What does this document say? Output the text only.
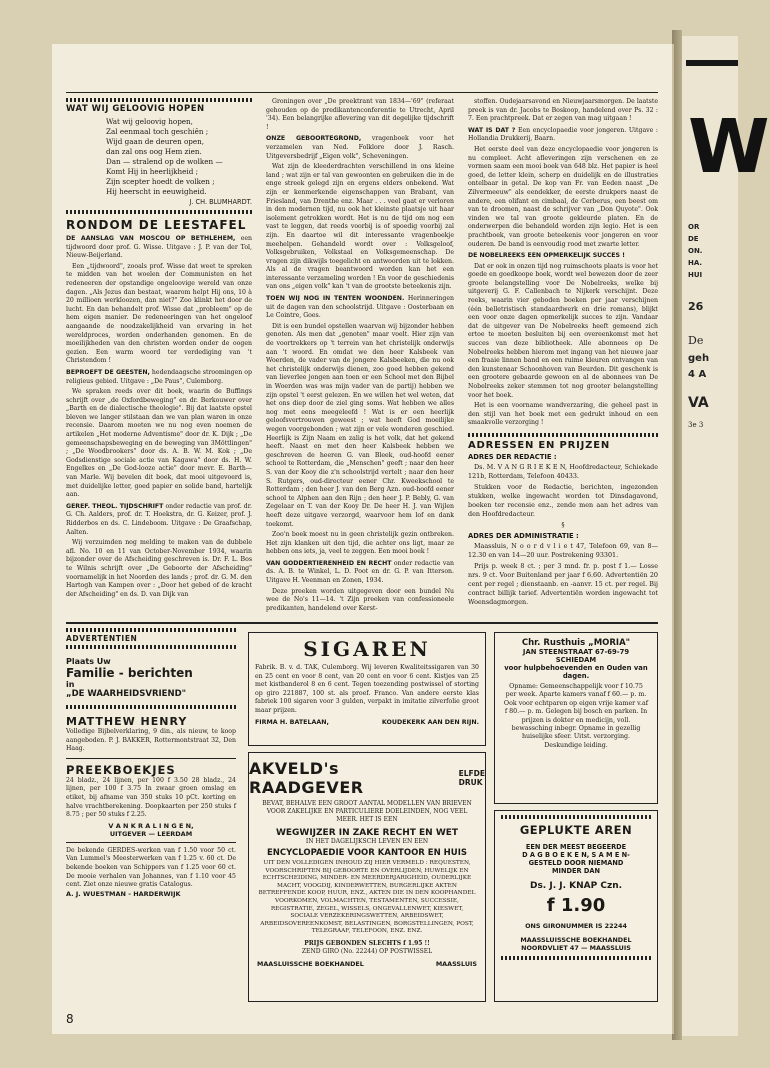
WAT WIJ GELOOVIG HOPEN
Wat wij geloovig hopen,
Zal eenmaal toch geschiên ;
Wijd gaan de deuren open,
dan zal ons oog Hem zien.
Dan — stralend op de wolken —
Komt Hij in heerlijkheid ;
Zijn scepter hoedt de volken ;
Hij heerscht in eeuwigheid.
J. CH. BLUMHARDT.
RONDOM DE LEESTAFEL

DE AANSLAG VAN MOSCOU OP BETHLEHEM, een tijdwoord door prof. G. Wisse. Uitgave : J. P. van der Tol, Nieuw-Beijerland.

Een „tijdwoord", zooals prof. Wisse dat weet te spreken te midden van het woelen der Communisten en het redeneeren der opstandige ongeloovige wereld van onze dagen. „Als Jezus dan bestaat, waarom helpt Hij ons, 10 à 20 millioen werkloozen, dan niet?" Zoo klinkt het door de lucht. En dan behandelt prof. Wisse dat „probleem" op de hem eigen manier. De redeneeringen van het ongeloof aangaande de noodzakelijkheid van ervaring in het wereldproces, worden onderhanden genomen. En de moeilijkheden van den christen worden onder de oogen gezien. Een warm woord ter verdediging van 't Christendom !

BEPROEFT DE GEESTEN, hedendaagsche stroomingen op religieus gebied. Uitgave : „De Paus", Culemborg.

We spraken reeds over dit boek, waarin de Buffings schrijft over „de Oxfordbeweging" en dr. Berkouwer over „Barth en de dialectische theologie". Bij dat laatste opstel bleven we langer stilstaan dan we van plan waren in onze recensie. Daarom moeten we nu nog even noemen de artikelen „Het moderne Adventisme" door dr. K. Dijk ; „De gemeenschapsbeweging en de beweging van 3Möttlingen" ; „De Woodbrookers" door ds. A. B. W. M. Kok ; „De Godsdienstige sociale actie van Kagawa" door ds. H. W. Engelkes en „De God-looze actie" door mevr. E. Barth—van Marle. Wij bevelen dit boek, dat mooi uitgevoerd is, met duidelijke letter, goed papier en solide band, hartelijk aan.

GEREF. THEOL. TIJDSCHRIFT onder redactie van prof. dr. G. Ch. Aalders, prof. dr. T. Hoekstra, dr. G. Keizer, prof. J. Ridderbos en ds. C. Lindeboom. Uitgave : De Graafschap, Aalten.

Wij verzuimden nog melding te maken van de dubbele afl. No. 10 en 11 van October-November 1934, waarin bijzonder over de Afscheiding geschreven is. Dr. F. L. Bos te Wilnis schrijft over „De Geboorte der Afscheiding" voornamelijk in het Noorden des lands ; prof. dr. G. M. den Hartogh van Kampen over : „Door het gebed of de kracht der Afscheiding" en ds. D. van Dijk van

Groningen over „De preektrant van 1834—'69" (referaat gehouden op de predikantenconferentie te Utrecht, April '34). Een belangrijke aflevering van dit degelijke tijdschrift !

ONZE GEBOORTEGROND, vragenboek voor het verzamelen van Ned. Folklore door J. Rasch. Uitgeversbedrijf „Eigen volk", Scheveningen.

Wat zijn de kleederdrachten verschillend in ons kleine land ; wat zijn er tal van gewoonten en gebruiken die in de enge streek gelegd zijn en ergens elders onbekend. Wat zijn er kenmerkende eigenschappen van Brabant, van Friesland, van Drenthe enz. Maar . . . veel gaat er verloren in den modernen tijd, nu ook het kleinste plaatsje uit haar isolement getrokken wordt. Het is nu de tijd om nog een vast te leggen, dat reeds voorbij is of spoedig voorbij zal zijn. En daartoe wil dit interessante vragenboekje meehelpen. Gehandeld wordt over : Volksgeloof, Volksgebruiken, Volkstaal en Volksgemeenschap. De vragen zijn dikwijls toegelicht en antwoorden uit te lokken. Als al de vragen beantwoord worden kan het een interessante verzameling worden ! En voor de geschiedenis van ons „eigen volk" kan 't van de grootste beteekenis zijn.

TOEN WIJ NOG IN TENTEN WOONDEN. Herinneringen uit de dagen van den schoolstrijd. Uitgave : Oosterbaan en Le Cointre, Goes.

Dit is een bundel opstellen waarvan wij bijzonder hebben genoten. Als men dat „genoten" maar voelt. Hier zijn van de voortrekkers op 't terrein van het christelijk onderwijs aan 't woord. En omdat we den heer Kalsbeek van Woerden, de vader van de jongere Kalsbeeken, die nu ook het christelijk onderwijs dienen, zoo goed hebben gekend van lieverlee jongen aan toen er een School met den Bijbel in Woerden was was mijn vader van de partij) hebben we zijn opstel 't eerst gelezen. En we willen het wel weten, dat het ons diep door de ziel ging soms. Wat hebben we alles nog met eens meegeleefd ! Wat is er een heerlijk geloofsvertrouwen geweest ; wat heeft God moeilijke wegen voorgebonden ; wat zijn er vele wonderen geschied. Heerlijk is Zijn Naam en zalig is het volk, dat het gekend heeft. Naast en met den heer Kalsbeek hebben we geschreven de heeren G. van Bleek, oud-hoofd eener school te Rotterdam, die „Menschen" geeft ; naar den heer S. van der Kooy die z'n schoolstrijd vertelt ; naar den heer S. Rutgers, oud-directeur eener Chr. Kweekschool te Rotterdam ; den heer J. van den Berg Azn. oud-hoofd eener school te Alphen aan den Rijn ; den heer J. P. Bebly, G. van Zegelaar en T. van der Kooy Dr. De heer H. J. van Wijlen heeft deze uitgave verzorgd, waarvoor hem lof en dank toekomt.

Zoo'n boek moest nu in geen christelijk gezin ontbreken. Het zijn klanken uit den tijd, die achter ons ligt, maar ze hebben ons iets, ja, veel te zeggen. Een mooi boek !

VAN GODDERTIERENHEID EN RECHT onder redactie van ds. A. B. te Winkel, L. D. Poot en dr. G. P. van Itterson. Uitgave H. Veenman en Zonen, 1934.

Deze preeken worden uitgegeven door een bundel Nu wee de No's 11—14. 't Zijn preeken van confessioneele predikanten, handelend over Kerst-

stoffen. Oudejaarsavond en Nieuwjaarsmorgen. De laatste preek is van dr. Jacobs te Boskoop, handelend over Ps. 32 : 7. Een prachtpreek. Dat er zegen van mag uitgaan !

WAT IS DAT ? Een encyclopaedie voor jongeren. Uitgave : Hollandia Drukkerij, Baarn.

Het eerste deel van deze encyclopaedie voor jongeren is nu compleet. Acht afleveringen zijn verschenen en ze vormen saam een mooi boek van 648 blz. Het papier is heel goed, de letter klein, scherp en duidelijk en de illustraties ontelbaar in getal. De kop van Fr. van Eeden naast „De Zilvermeeuw" als eendekker, de eerste drukpers naast de andere, een olifant en cimbaal, de Cerberus, een beest om van te droomen, naast de schrijver van „Don Quyote". Ook vinden we tal van groote gekleurde platen. En de onderwerpen die behandeld worden zijn legio. Het is een prachtboek, van groote beteekenis voor jongeren en voor ouderen. De band is eenvoudig rood met zwarte letter.

DE NOBELREEKS EEN OPMERKELIJK SUCCES !

Dat er ook in onzen tijd nog ruimschoots plaats is voor het goede en goedkoope boek, wordt wel bewezen door de zeer groote belangstelling voor De Nobelreeks, welke bij uitgeverij G. F. Callenbach te Nijkerk verschijnt. Deze reeks, waarin vier geboden boeken per jaar verschijnen (één belletristisch standaardwerk en drie romans), blijkt een voor onze dagen opmerkelijk succes te zijn. Vandaar dat de uitgever van De Nobelreeks heeft gemeend zich ertoe te moeten besluiten bij een overeenkomst met het succes van deze bibliotheek. Alle abonnees op De Nobelreeks hebben hierom met ingang van het nieuwe jaar een fraaie linnen band en een ruime kleuren ontvangen van den kunstenaar Schoonhoven van Beurden. Dit geschenk is een grootere gebaarde gewoon en al de abonnees van De Nobelreeks zeker stemmen tot nog grooter belangstelling voor het boek.

Het is een voorname wandverzaring, die geheel past in den stijl van het boek met een gedrukt inhoud en een smaakvolle verzorging !

ADRESSEN EN PRIJZEN
ADRES DER REDACTIE :

Ds. M. V A N G R I E K E N, Hoofdredacteur, Schiekade 121b, Rotterdam, Telefoon 40433.

Stukken voor de Redactie, berichten, ingezonden stukken, welke ingewacht worden tot Dinsdagavond, boeken ter recensie enz., zende men aan het adres van den Hoofdredacteur.

§
ADRES DER ADMINISTRATIE :

Maassluis, N o o r d v l i e t 47, Telefoon 69, van 8—12.30 en van 14—20 uur. Postrekening 93301.

Prijs p. week 8 ct. ; per 3 mnd. fr. p. post f 1.— Losse nrs. 9 ct. Voor Buitenland per jaar f 6.60. Advertentiën 20 cent per regel ; dienstaanb. en -aanvr. 15 ct. per regel. Bij contract billijk tarief. Advertentiën worden ingewacht tot Woensdagmorgen.

ADVERTENTIEN
Plaats Uw
Familie - berichten
in
„DE WAARHEIDSVRIEND"
MATTHEW HENRY
Volledige Bijbelverklaring, 9 din., als nieuw, te koop aangeboden. P. J. BAKKER, Rottermontstraat 32, Den Haag.
PREEKBOEKJES
24 bladz., 24 lijnen, per 100 f 3.50 28 bladz., 24 lijnen, per 100 f 3.75 In zwaar groen omslag en etiket, bij afname van 350 stuks 10 pCt. korting en halve vrachtberekening. Doopkaarten per 250 stuks f 8.75 ; per 50 stuks f 2.25.
V A N K R A L I N G E N,
UITGEVER — LEERDAM
De bekende GERDES-werken van f 1.50 voor 50 ct. Van Lummel's Meesterwerken van f 1.25 v. 60 ct. De bekende boeken van Schippers van f 1.25 voor 60 ct. De mooie verhalen van Johannes, van f 1.10 voor 45 cent. Ziet onze nieuwe gratis Catalogus.
A. J. WUESTMAN - HARDERWIJK
SIGAREN
Fabrik. B. v. d. TAK, Culemborg. Wij leveren Kwaliteitssigaren van 30 en 25 cent en voor 8 cent, van 20 cent en voor 6 cent. Kistjes van 25 met kistbanderol 8 en 6 cent. Tegen toezending postwissel of storting op giro 221887, 100 st. als proef. Franco. Van andere eerste klas fabriek 100 sigaren voor 3 gulden, verpakt in imitatie zilverfolie groot maar prijzen.
FIRMA H. BATELAAN,	KOUDEKERK AAN DEN RIJN.
AKVELD's RAADGEVER
ELFDE
DRUK
BEVAT, BEHALVE EEN GROOT AANTAL MODELLEN VAN BRIEVEN VOOR ZAKELIJKE EN PARTICULIERE DOELEINDEN, NOG VEEL MEER. HET IS EEN
WEGWIJZER IN ZAKE RECHT EN WET
IN HET DAGELIJKSCH LEVEN EN EEN
ENCYCLOPAEDIE VOOR KANTOOR EN HUIS
UIT DEN VOLLEDIGEN INHOUD ZIJ HIER VERMELD : REQUESTEN, VOORSCHRIFTEN BIJ GEBOORTE EN OVERLIJDEN, HUWELIJK EN ECHTSCHEIDING, MINDER- EN MEERDERJARIGHEID, OUDERLIJKE MACHT, VOOGDIJ, KINDERWETTEN, BURGERLIJKE AKTEN BETREFFENDE KOOP, HUUR, ENZ., AKTEN DIE IN DEN KOOPHANDEL VOORKOMEN, VOLMACHTEN, TESTAMENTEN, SUCCESSIE, REGISTRATIE, ZEGEL, WISSELS, ONGEVALLENWET, KIESWET, SOCIALE VERZEKERINGSWETTEN, ARBEIDSWET, ARBEIDSOVEREENKOMST, BELASTINGEN, BORGSTELLINGEN, POST, TELEGRAAF, TELEFOON, ENZ. ENZ.
PRIJS GEBONDEN SLECHTS f 1.95 !!
ZEND GIRO (No. 22244) OP POSTWISSEL
MAASLUISSCHE BOEKHANDEL	MAASSLUIS
Chr. Rusthuis „MORIA"
JAN STEENSTRAAT 67-69-79
SCHIEDAM
voor hulpbehoevenden en Ouden van dagen.
Opname: Gemeenschappelijk voor f 10.75 per week. Aparte kamers vanaf f 60.— p. m. Ook voor echtparen op eigen vrije kamer v.af f 80.— p. m. Gelegen bij bosch en parken. In prijzen is dokter en medicijn, voll. bewassching inbegr. Opname in gezellig huiselijke sfeer. Uitst. verzorging. Deskundige leiding.
GEPLUKTE AREN
EEN DER MEEST BEGEERDE
D A G B O E K E N, S A M E N-
GESTELD DOOR NIEMAND
MINDER DAN
Ds. J. J. KNAP Czn.
f 1.90
ONS GIRONUMMER IS 22244
MAASSLUISSCHE BOEKHANDEL
NOORDVLIET 47 — MAASSLUIS
8
W
OR
DE
ON.
HA.
HUI
26
De
geh
4 A
VA
3e 3
